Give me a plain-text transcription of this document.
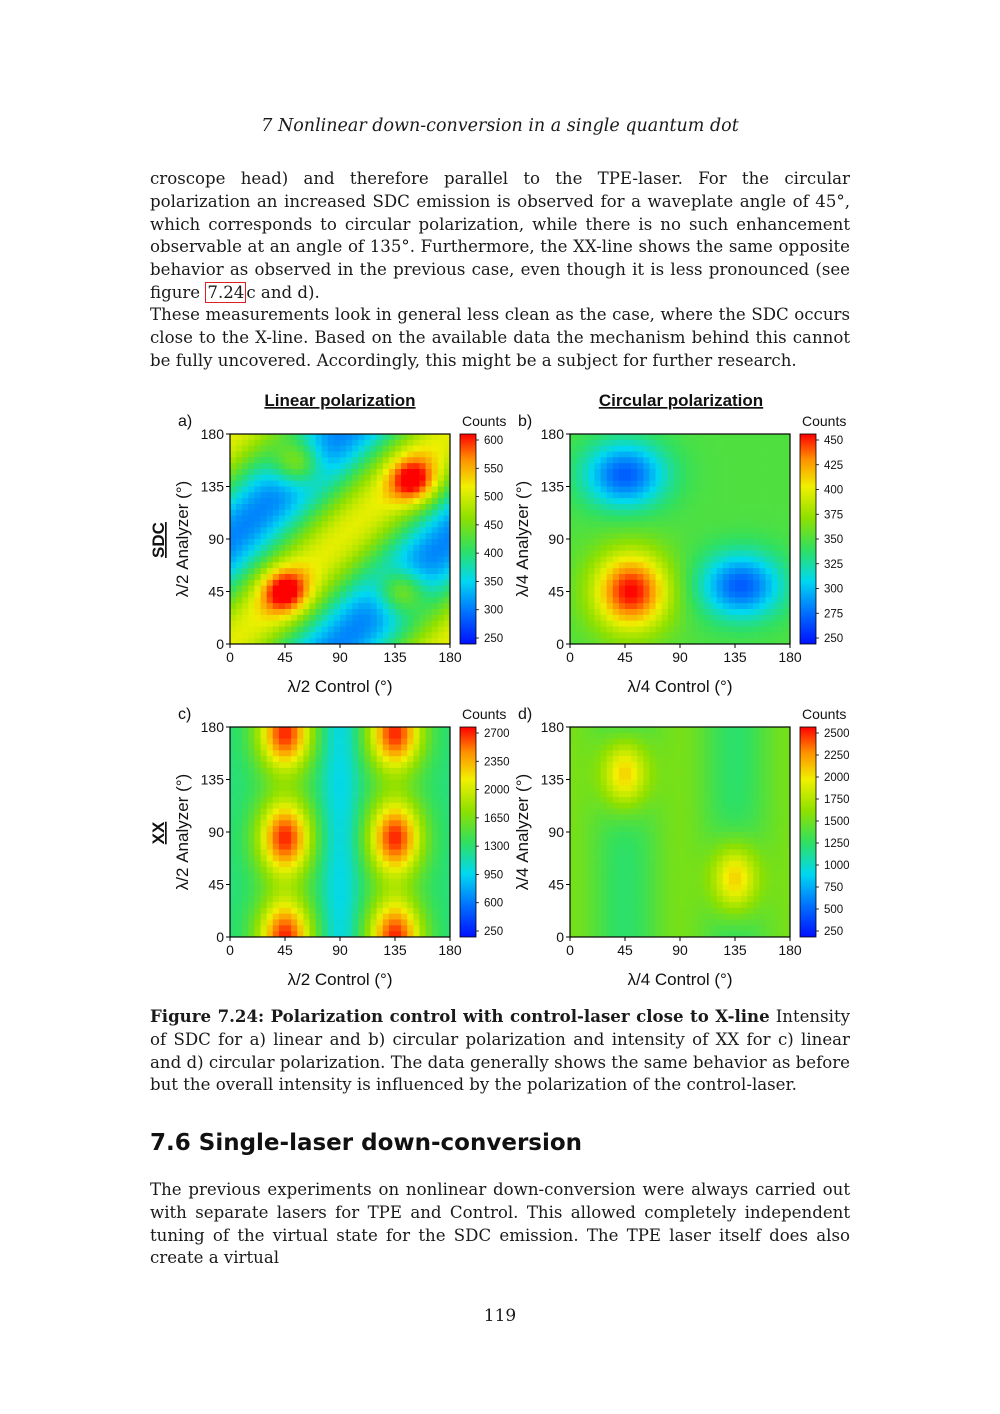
7 Nonlinear down-conversion in a single quantum dot

croscope head) and therefore parallel to the TPE-laser. For the circular polarization an increased SDC emission is observed for a waveplate angle of 45°, which corresponds to circular polarization, while there is no such enhancement observable at an angle of 135°. Furthermore, the XX-line shows the same opposite behavior as observed in the previous case, even though it is less pronounced (see figure 7.24 c and d).

These measurements look in general less clean as the case, where the SDC occurs close to the X-line. Based on the available data the mechanism behind this cannot be fully uncovered. Accordingly, this might be a subject for further research.

Linear polarization	Circular polarization
SDC
XX
a)
0	45	90	135 180
0
45
90
135
180
λ/2 Control (°)
λ/2 Analyzer (°)
Counts
600
550
500
450
400
350
300
250
b)
0	45	90	135 180
0
45
90
135
180
λ/4 Control (°)
λ/4 Analyzer (°)
Counts
450
425
400
375
350
325
300
275
250
c)
0	45	90	135 180
0
45
90
135
180
λ/2 Control (°)
λ/2 Analyzer (°)
Counts
2700
2350
2000
1650
1300
950
600
250
d)
0	45	90	135 180
0
45
90
135
180
λ/4 Control (°)
λ/4 Analyzer (°)
Counts
2500
2250
2000
1750
1500
1250
1000
750
500
250

Figure 7.24: Polarization control with control-laser close to X-line Intensity of SDC for a) linear and b) circular polarization and intensity of XX for c) linear and d) circular polarization. The data generally shows the same behavior as before but the overall intensity is influenced by the polarization of the control-laser.

7.6 Single-laser down-conversion

The previous experiments on nonlinear down-conversion were always carried out with separate lasers for TPE and Control. This allowed completely independent tuning of the virtual state for the SDC emission. The TPE laser itself does also create a virtual

119
